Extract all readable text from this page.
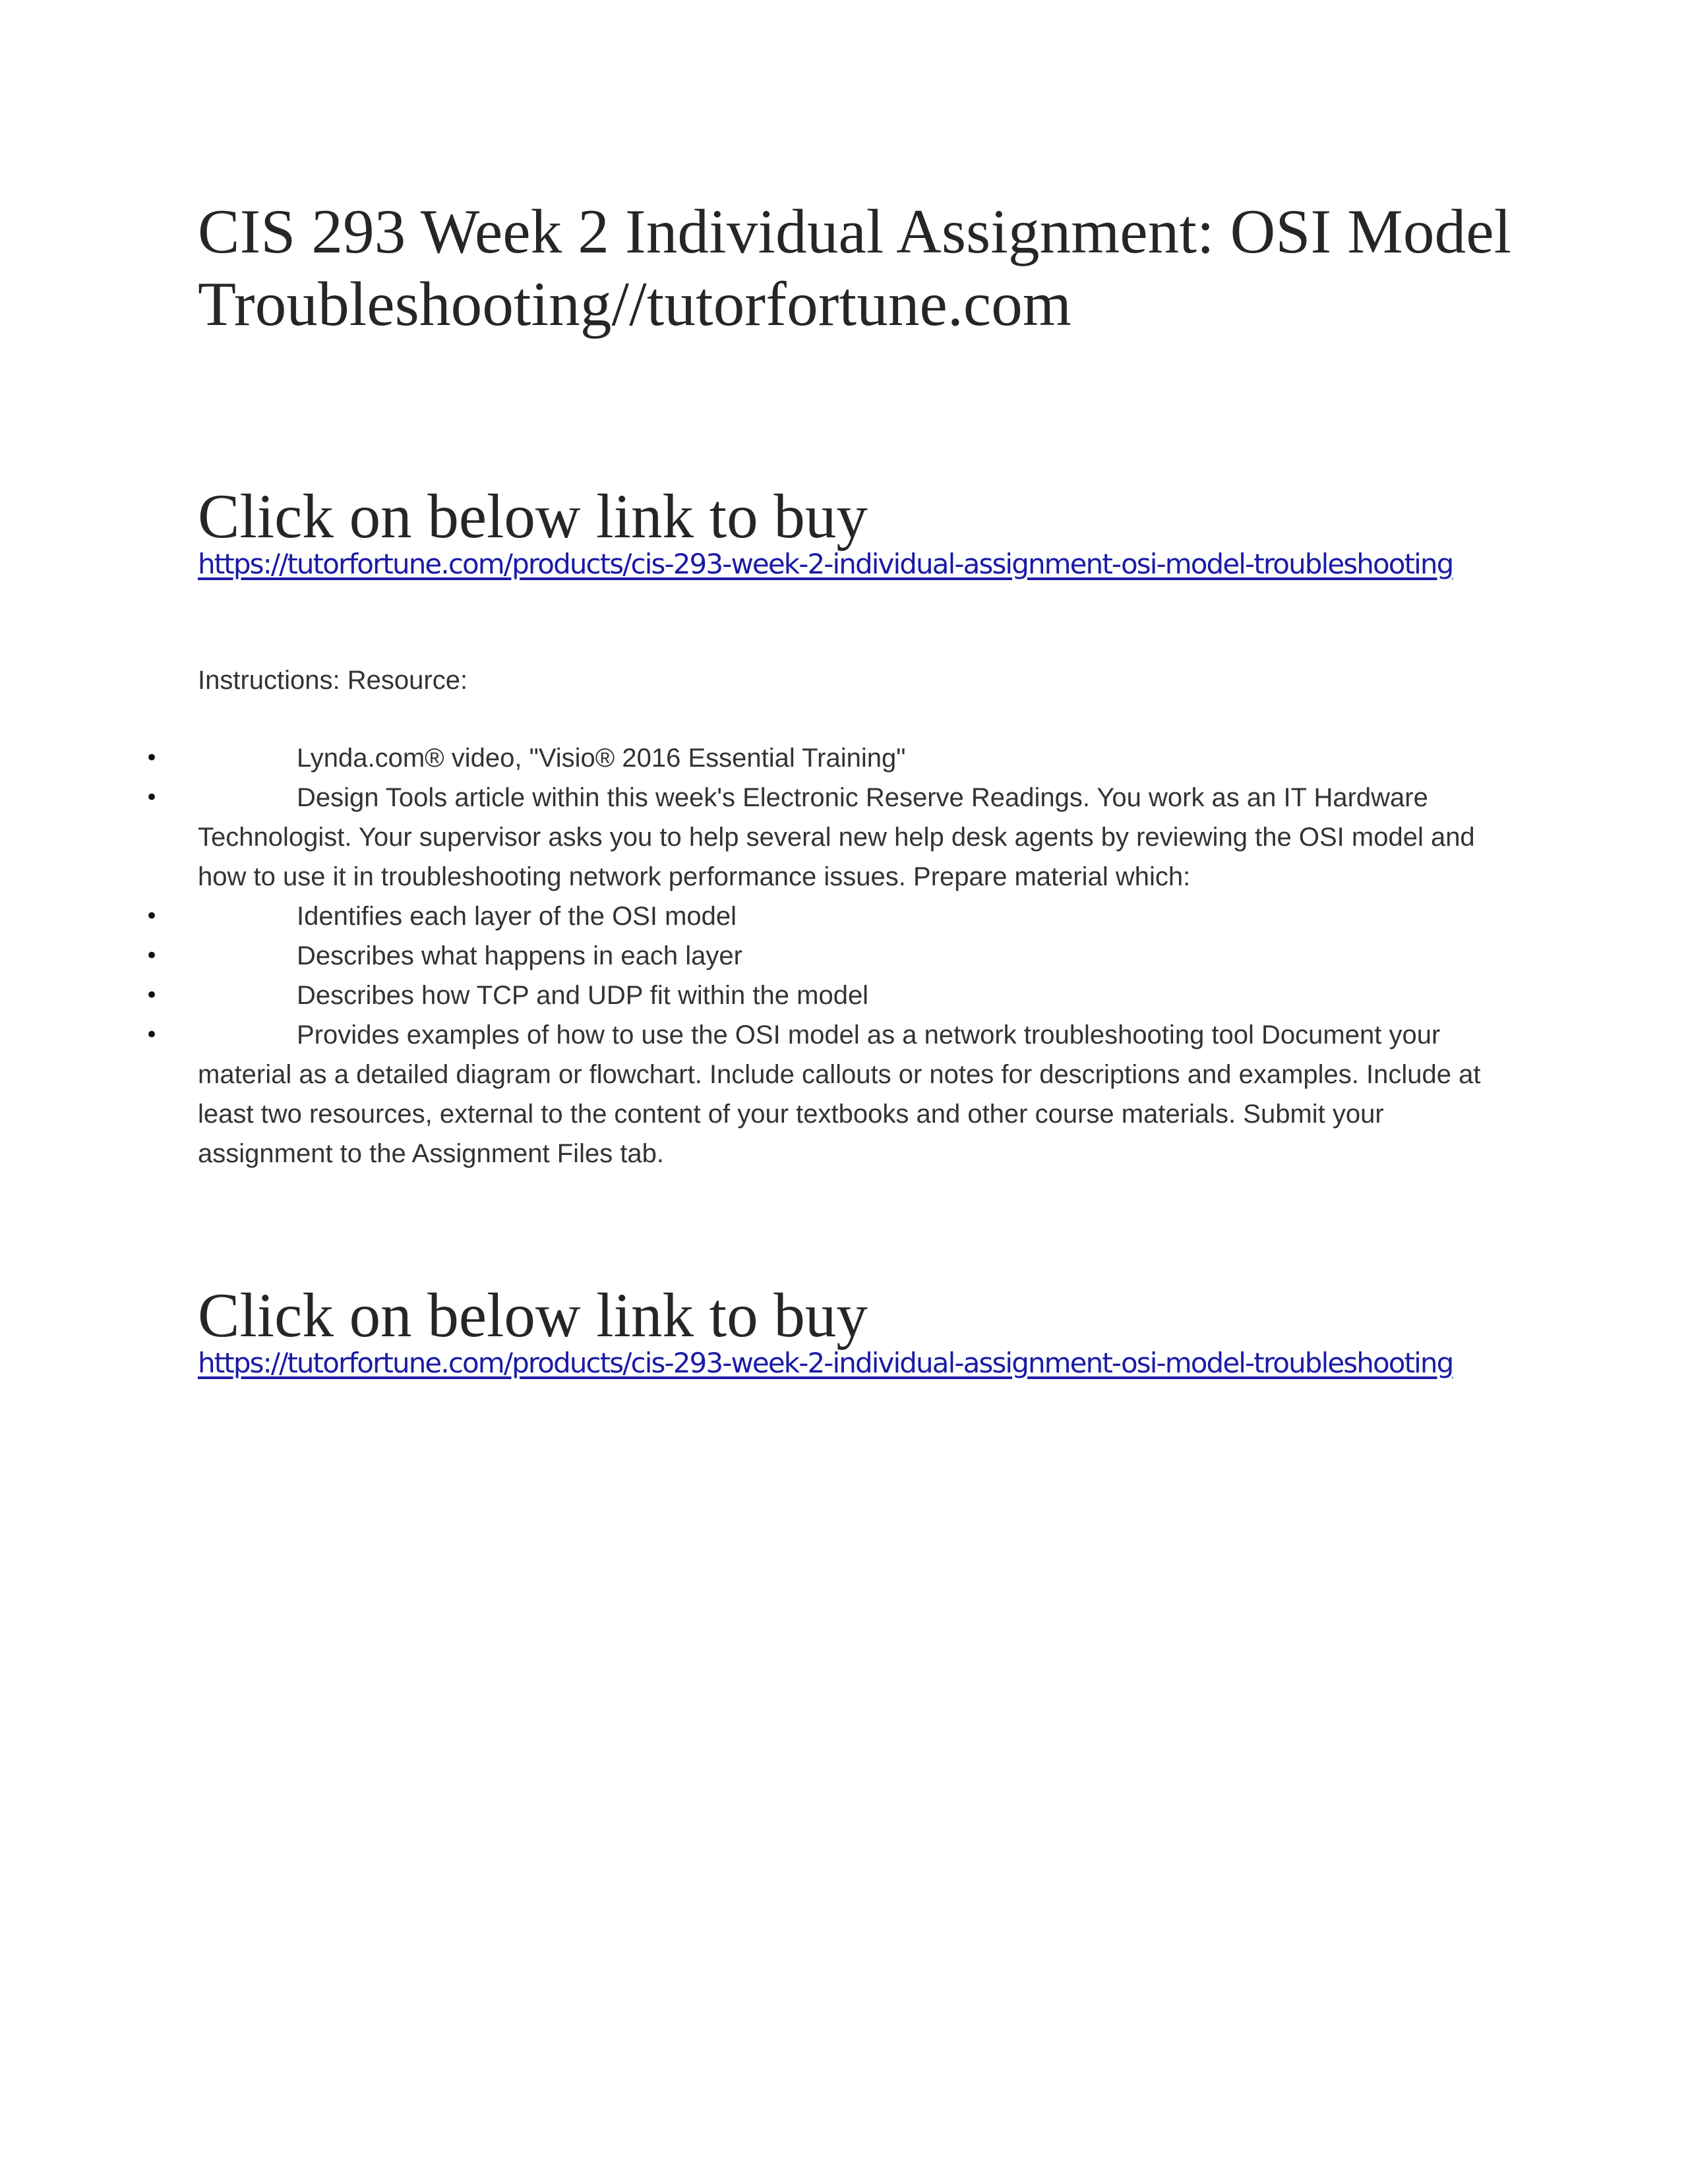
CIS 293 Week 2 Individual Assignment: OSI Model Troubleshooting//tutorfortune.com
Click on below link to buy
https://tutorfortune.com/products/cis-293-week-2-individual-assignment-osi-model-troubleshooting

Instructions: Resource:

•	Lynda.com® video, "Visio® 2016 Essential Training"
•	Design Tools article within this week's Electronic Reserve Readings. You work as an IT Hardware Technologist. Your supervisor asks you to help several new help desk agents by reviewing the OSI model and how to use it in troubleshooting network performance issues. Prepare material which:
•	Identifies each layer of the OSI model
•	Describes what happens in each layer
•	Describes how TCP and UDP fit within the model
•	Provides examples of how to use the OSI model as a network troubleshooting tool Document your material as a detailed diagram or flowchart. Include callouts or notes for descriptions and examples. Include at least two resources, external to the content of your textbooks and other course materials. Submit your assignment to the Assignment Files tab.
Click on below link to buy
https://tutorfortune.com/products/cis-293-week-2-individual-assignment-osi-model-troubleshooting
